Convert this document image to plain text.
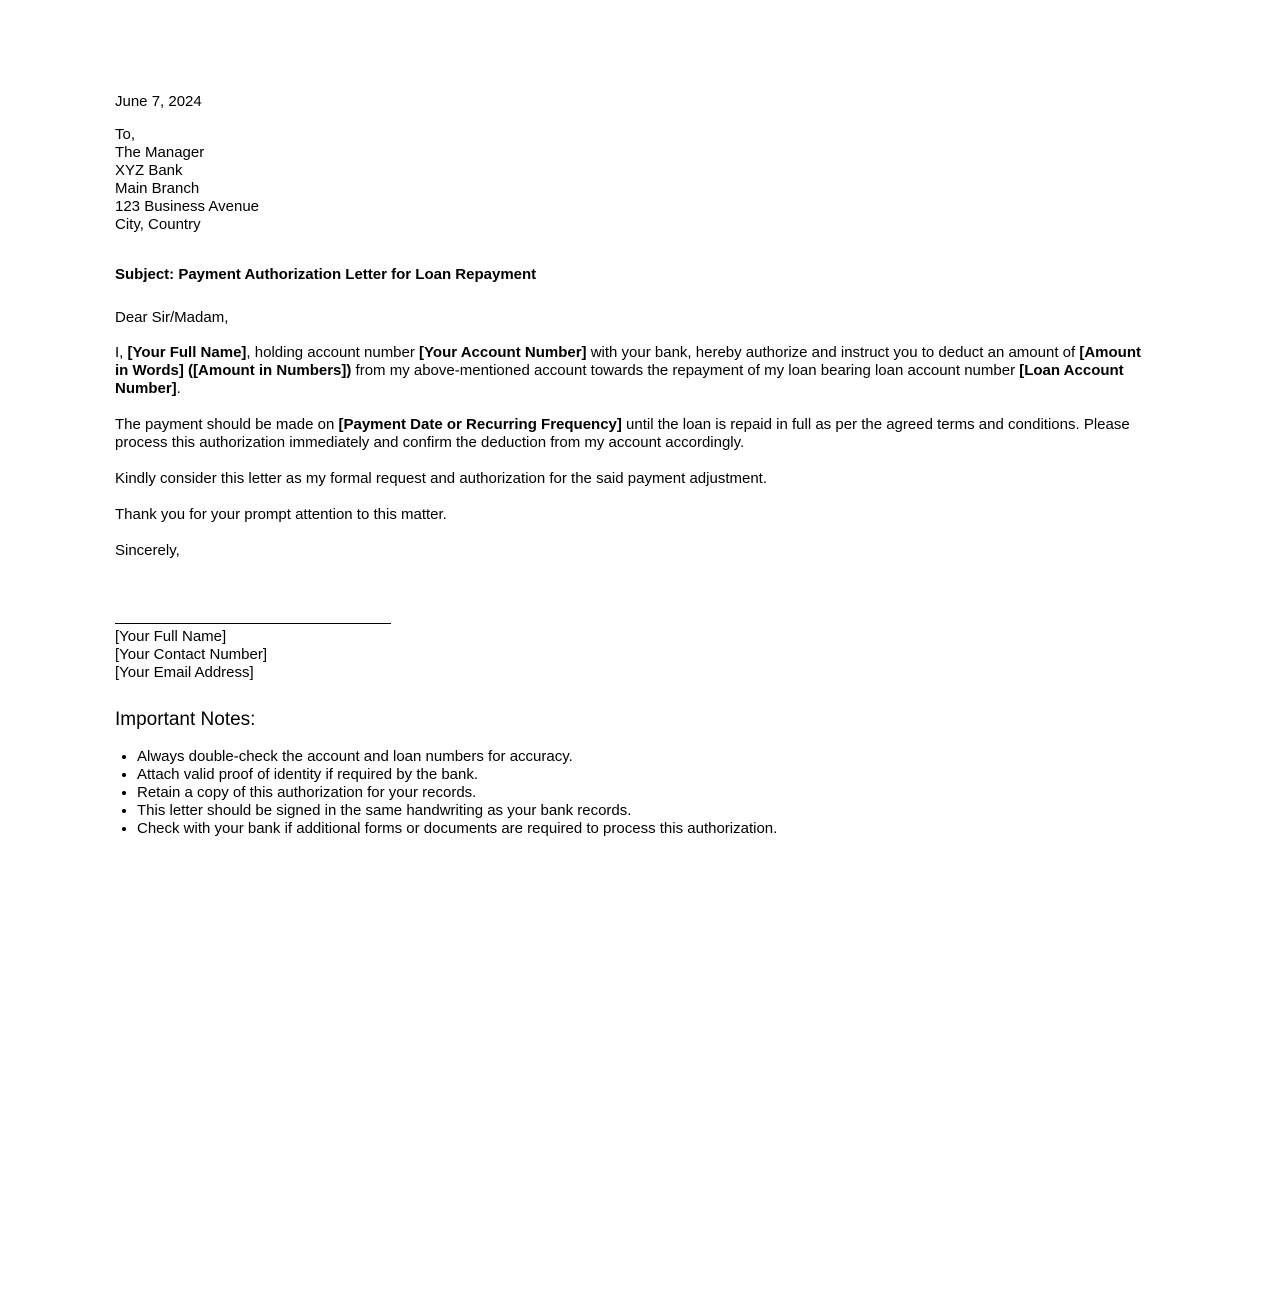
June 7, 2024
To,
The Manager
XYZ Bank
Main Branch
123 Business Avenue
City, Country
Subject: Payment Authorization Letter for Loan Repayment
Dear Sir/Madam,

I, [Your Full Name], holding account number [Your Account Number] with your bank, hereby authorize and instruct you to deduct an amount of [Amount in Words] ([Amount in Numbers]) from my above-mentioned account towards the repayment of my loan bearing loan account number [Loan Account Number].

The payment should be made on [Payment Date or Recurring Frequency] until the loan is repaid in full as per the agreed terms and conditions. Please process this authorization immediately and confirm the deduction from my account accordingly.

Kindly consider this letter as my formal request and authorization for the said payment adjustment.

Thank you for your prompt attention to this matter.

Sincerely,
[Your Full Name]
[Your Contact Number]
[Your Email Address]
Important Notes:
• Always double-check the account and loan numbers for accuracy.
• Attach valid proof of identity if required by the bank.
• Retain a copy of this authorization for your records.
• This letter should be signed in the same handwriting as your bank records.
• Check with your bank if additional forms or documents are required to process this authorization.
